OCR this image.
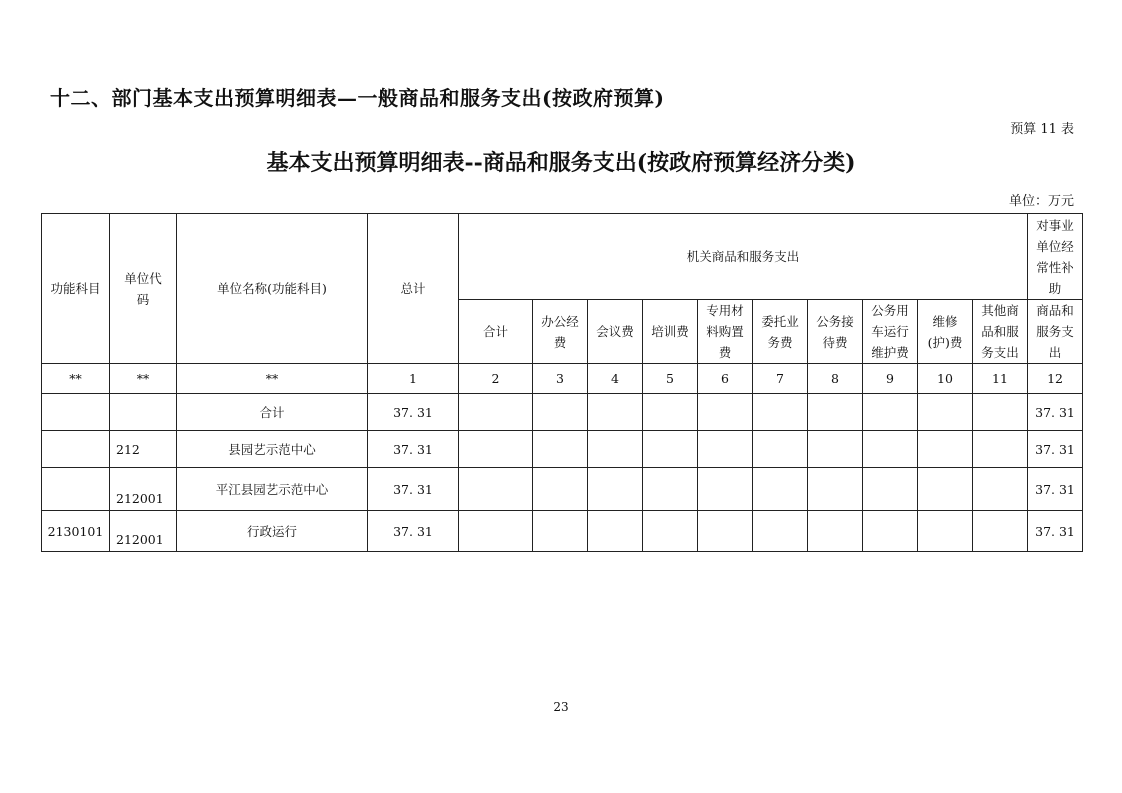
十二、部门基本支出预算明细表—一般商品和服务支出(按政府预算)
预算 11 表
基本支出预算明细表--商品和服务支出(按政府预算经济分类)
单位：万元
功能科目	单位代码	单位名称(功能科目)	总计	机关商品和服务支出										对事业单位经常性补助

				合计	办公经费	会议费	培训费	专用材料购置费	委托业务费	公务接待费	公务用车运行维护费	维修(护)费	其他商品和服务支出	商品和服务支出

**	**	**	1	2	3	4	5	6	7	8	9	10	11	12
		合计	37. 31											37. 31
	212	县园艺示范中心	37. 31											37. 31
	212001	平江县园艺示范中心	37. 31											37. 31
2130101	212001	行政运行	37. 31											37. 31
23
